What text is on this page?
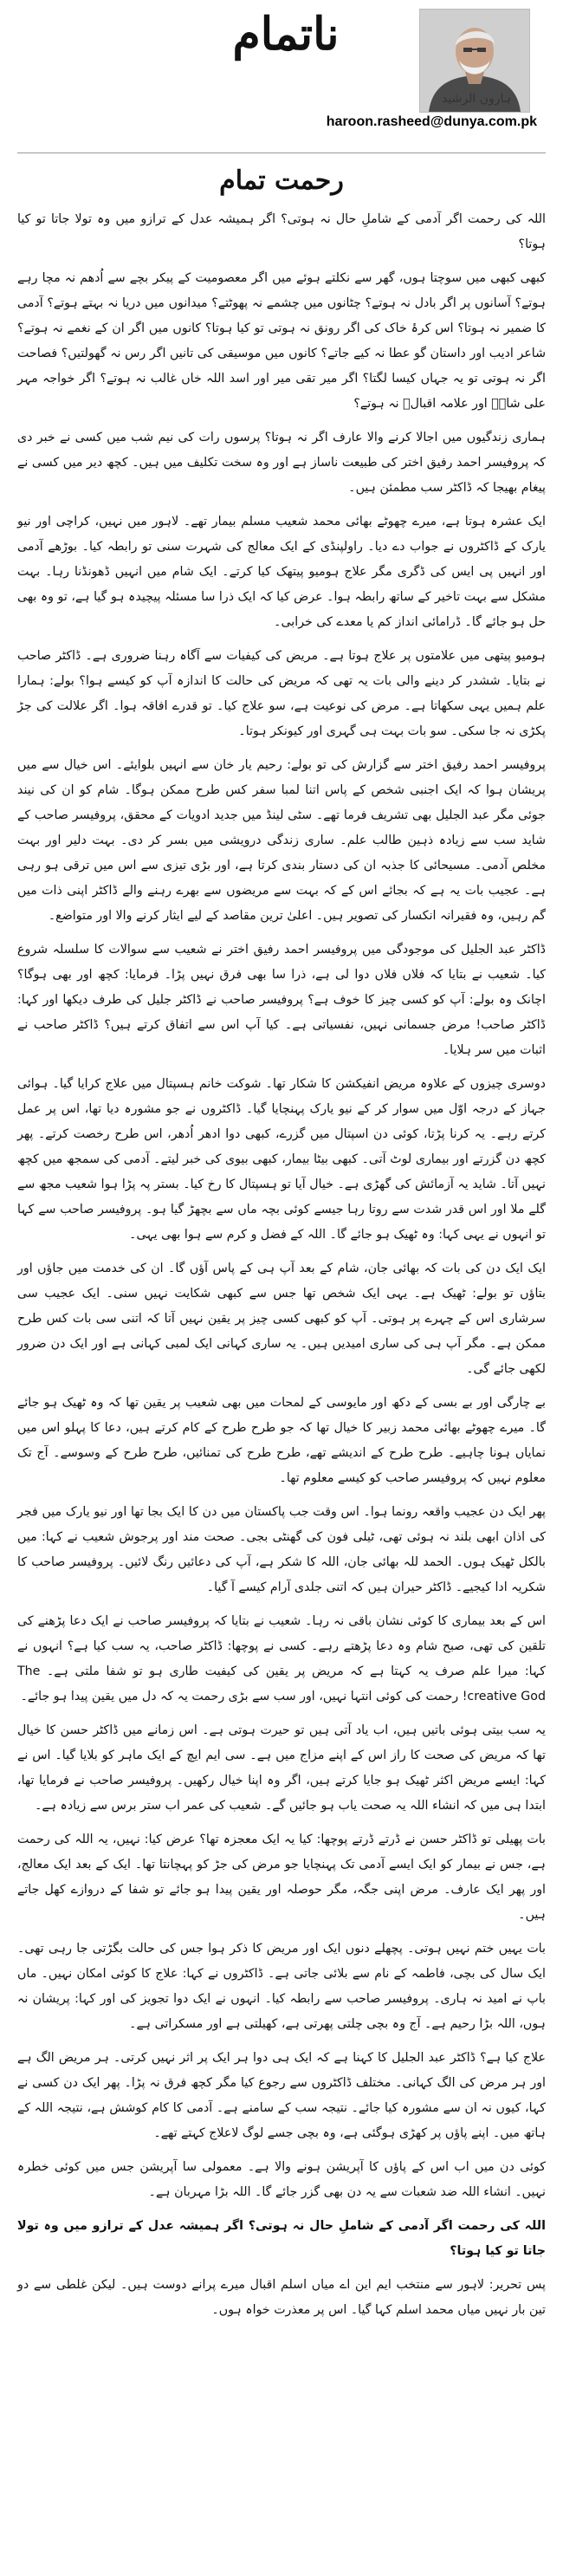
ناتمام
ہارون الرشید
haroon.rasheed@dunya.com.pk
رحمت تمام

اللہ کی رحمت اگر آدمی کے شاملِ حال نہ ہوتی؟ اگر ہمیشہ عدل کے ترازو میں وہ تولا جاتا تو کیا ہوتا؟

کبھی کبھی میں سوچتا ہوں، گھر سے نکلتے ہوئے میں اگر معصومیت کے پیکر بچے سے اُدھم نہ مچا رہے ہوتے؟ آسانوں پر اگر بادل نہ ہوتے؟ چٹانوں میں چشمے نہ پھوٹتے؟ میدانوں میں دریا نہ بہتے ہوتے؟ آدمی کا ضمیر نہ ہوتا؟ اس کرۂ خاک کی اگر رونق نہ ہوتی تو کیا ہوتا؟ کانوں میں اگر ان کے نغمے نہ ہوتے؟ شاعر ادیب اور داستان گو عطا نہ کیے جاتے؟ کانوں میں موسیقی کی تانیں اگر رس نہ گھولتیں؟ فصاحت اگر نہ ہوتی تو یہ جہاں کیسا لگتا؟ اگر میر تقی میر اور اسد اللہ خاں غالب نہ ہوتے؟ اگر خواجہ مہر علی شاہؒ اور علامہ اقبالؒ نہ ہوتے؟

ہماری زندگیوں میں اجالا کرنے والا عارف اگر نہ ہوتا؟ پرسوں رات کی نیم شب میں کسی نے خبر دی کہ پروفیسر احمد رفیق اختر کی طبیعت ناساز ہے اور وہ سخت تکلیف میں ہیں۔ کچھ دیر میں کسی نے پیغام بھیجا کہ ڈاکٹر سب مطمئن ہیں۔

ایک عشرہ ہوتا ہے، میرے چھوٹے بھائی محمد شعیب مسلم بیمار تھے۔ لاہور میں نہیں، کراچی اور نیو یارک کے ڈاکٹروں نے جواب دے دیا۔ راولپنڈی کے ایک معالج کی شہرت سنی تو رابطہ کیا۔ بوڑھے آدمی اور انہیں پی ایس کی ڈگری مگر علاج ہومیو پیتھک کیا کرتے۔ ایک شام میں انہیں ڈھونڈنا رہا۔ بہت مشکل سے بہت تاخیر کے ساتھ رابطہ ہوا۔ عرض کیا کہ ایک ذرا سا مسئلہ پیچیدہ ہو گیا ہے، تو وہ بھی حل ہو جائے گا۔ ڈرامائی انداز کم یا معدے کی خرابی۔

ہومیو پیتھی میں علامتوں پر علاج ہوتا ہے۔ مریض کی کیفیات سے آگاہ رہنا ضروری ہے۔ ڈاکٹر صاحب نے بتایا۔ ششدر کر دینے والی بات یہ تھی کہ مریض کی حالت کا اندازہ آپ کو کیسے ہوا؟ بولے: ہمارا علم ہمیں یہی سکھاتا ہے۔ مرض کی نوعیت ہے، سو علاج کیا۔ تو قدرے افاقہ ہوا۔ اگر علالت کی جڑ پکڑی نہ جا سکی۔ سو بات بہت ہی گہری اور کیونکر ہوتا۔

پروفیسر احمد رفیق اختر سے گزارش کی تو بولے: رحیم یار خان سے انہیں بلوایئے۔ اس خیال سے میں پریشان ہوا کہ ایک اجنبی شخص کے پاس اتنا لمبا سفر کس طرح ممکن ہوگا۔ شام کو ان کی نیند جوئی مگر عبد الجلیل بھی تشریف فرما تھے۔ سٹی لینڈ میں جدید ادویات کے محقق، پروفیسر صاحب کے شاید سب سے زیادہ ذہین طالب علم۔ ساری زندگی درویشی میں بسر کر دی۔ بہت دلیر اور بہت مخلص آدمی۔ مسیحائی کا جذبہ ان کی دستار بندی کرتا ہے، اور بڑی تیزی سے اس میں ترقی ہو رہی ہے۔ عجیب بات یہ ہے کہ بجائے اس کے کہ بہت سے مریضوں سے بھرے رہنے والے ڈاکٹر اپنی ذات میں گم رہیں، وہ فقیرانہ انکسار کی تصویر ہیں۔ اعلیٰ ترین مقاصد کے لیے ایثار کرنے والا اور متواضع۔

ڈاکٹر عبد الجلیل کی موجودگی میں پروفیسر احمد رفیق اختر نے شعیب سے سوالات کا سلسلہ شروع کیا۔ شعیب نے بتایا کہ فلاں فلاں دوا لی ہے، ذرا سا بھی فرق نہیں پڑا۔ فرمایا: کچھ اور بھی ہوگا؟ اچانک وہ بولے: آپ کو کسی چیز کا خوف ہے؟ پروفیسر صاحب نے ڈاکٹر جلیل کی طرف دیکھا اور کہا: ڈاکٹر صاحب! مرض جسمانی نہیں، نفسیاتی ہے۔ کیا آپ اس سے اتفاق کرتے ہیں؟ ڈاکٹر صاحب نے اثبات میں سر ہلایا۔

دوسری چیزوں کے علاوہ مریض انفیکشن کا شکار تھا۔ شوکت خانم ہسپتال میں علاج کرایا گیا۔ ہوائی جہاز کے درجہ اوّل میں سوار کر کے نیو یارک پہنچایا گیا۔ ڈاکٹروں نے جو مشورہ دیا تھا، اس پر عمل کرتے رہے۔ یہ کرنا پڑتا، کوئی دن اسپتال میں گزرے، کبھی دوا ادھر اُدھر، اس طرح رخصت کرتے۔ پھر کچھ دن گزرتے اور بیماری لوٹ آتی۔ کبھی بیٹا بیمار، کبھی بیوی کی خبر لیتے۔ آدمی کی سمجھ میں کچھ نہیں آتا۔ شاید یہ آزمائش کی گھڑی ہے۔ خیال آیا تو ہسپتال کا رخ کیا۔ بستر پہ پڑا ہوا شعیب مجھ سے گلے ملا اور اس قدر شدت سے روتا رہا جیسے کوئی بچہ ماں سے بچھڑ گیا ہو۔ پروفیسر صاحب سے کہا تو انہوں نے یہی کہا: وہ ٹھیک ہو جائے گا۔ اللہ کے فضل و کرم سے ہوا بھی یہی۔

ایک ایک دن کی بات کہ بھائی جان، شام کے بعد آپ ہی کے پاس آؤں گا۔ ان کی خدمت میں جاؤں اور بتاؤں تو بولے: ٹھیک ہے۔ یہی ایک شخص تھا جس سے کبھی شکایت نہیں سنی۔ ایک عجیب سی سرشاری اس کے چہرے پر ہوتی۔ آپ کو کبھی کسی چیز پر یقین نہیں آتا کہ اتنی سی بات کس طرح ممکن ہے۔ مگر آپ ہی کی ساری امیدیں ہیں۔ یہ ساری کہانی ایک لمبی کہانی ہے اور ایک دن ضرور لکھی جائے گی۔

بے چارگی اور بے بسی کے دکھ اور مایوسی کے لمحات میں بھی شعیب پر یقین تھا کہ وہ ٹھیک ہو جائے گا۔ میرے چھوٹے بھائی محمد زبیر کا خیال تھا کہ جو طرح طرح کے کام کرتے ہیں، دعا کا پہلو اس میں نمایاں ہونا چاہیے۔ طرح طرح کے اندیشے تھے، طرح طرح کی تمنائیں، طرح طرح کے وسوسے۔ آج تک معلوم نہیں کہ پروفیسر صاحب کو کیسے معلوم تھا۔

پھر ایک دن عجیب واقعہ رونما ہوا۔ اس وقت جب پاکستان میں دن کا ایک بجا تھا اور نیو یارک میں فجر کی اذان ابھی بلند نہ ہوئی تھی، ٹیلی فون کی گھنٹی بجی۔ صحت مند اور پرجوش شعیب نے کہا: میں بالکل ٹھیک ہوں۔ الحمد للہ بھائی جان، اللہ کا شکر ہے، آپ کی دعائیں رنگ لائیں۔ پروفیسر صاحب کا شکریہ ادا کیجیے۔ ڈاکٹر حیران ہیں کہ اتنی جلدی آرام کیسے آ گیا۔

اس کے بعد بیماری کا کوئی نشان باقی نہ رہا۔ شعیب نے بتایا کہ پروفیسر صاحب نے ایک دعا پڑھنے کی تلقین کی تھی، صبح شام وہ دعا پڑھتے رہے۔ کسی نے پوچھا: ڈاکٹر صاحب، یہ سب کیا ہے؟ انہوں نے کہا: میرا علم صرف یہ کہتا ہے کہ مریض پر یقین کی کیفیت طاری ہو تو شفا ملتی ہے۔ The creative God! رحمت کی کوئی انتہا نہیں، اور سب سے بڑی رحمت یہ کہ دل میں یقین پیدا ہو جائے۔

یہ سب بیتی ہوئی باتیں ہیں، اب یاد آتی ہیں تو حیرت ہوتی ہے۔ اس زمانے میں ڈاکٹر حسن کا خیال تھا کہ مریض کی صحت کا راز اس کے اپنے مزاج میں ہے۔ سی ایم ایچ کے ایک ماہر کو بلایا گیا۔ اس نے کہا: ایسے مریض اکثر ٹھیک ہو جایا کرتے ہیں، اگر وہ اپنا خیال رکھیں۔ پروفیسر صاحب نے فرمایا تھا، ابتدا ہی میں کہ انشاء اللہ یہ صحت یاب ہو جائیں گے۔ شعیب کی عمر اب ستر برس سے زیادہ ہے۔

بات پھیلی تو ڈاکٹر حسن نے ڈرتے ڈرتے پوچھا: کیا یہ ایک معجزہ تھا؟ عرض کیا: نہیں، یہ اللہ کی رحمت ہے، جس نے بیمار کو ایک ایسے آدمی تک پہنچایا جو مرض کی جڑ کو پہچانتا تھا۔ ایک کے بعد ایک معالج، اور پھر ایک عارف۔ مرض اپنی جگہ، مگر حوصلہ اور یقین پیدا ہو جائے تو شفا کے دروازے کھل جاتے ہیں۔

بات یہیں ختم نہیں ہوتی۔ پچھلے دنوں ایک اور مریض کا ذکر ہوا جس کی حالت بگڑتی جا رہی تھی۔ ایک سال کی بچی، فاطمہ کے نام سے بلائی جاتی ہے۔ ڈاکٹروں نے کہا: علاج کا کوئی امکان نہیں۔ ماں باپ نے امید نہ ہاری۔ پروفیسر صاحب سے رابطہ کیا۔ انہوں نے ایک دوا تجویز کی اور کہا: پریشان نہ ہوں، اللہ بڑا رحیم ہے۔ آج وہ بچی چلتی پھرتی ہے، کھیلتی ہے اور مسکراتی ہے۔

علاج کیا ہے؟ ڈاکٹر عبد الجلیل کا کہنا ہے کہ ایک ہی دوا ہر ایک پر اثر نہیں کرتی۔ ہر مریض الگ ہے اور ہر مرض کی الگ کہانی۔ مختلف ڈاکٹروں سے رجوع کیا مگر کچھ فرق نہ پڑا۔ پھر ایک دن کسی نے کہا، کیوں نہ ان سے مشورہ کیا جائے۔ نتیجہ سب کے سامنے ہے۔ آدمی کا کام کوشش ہے، نتیجہ اللہ کے ہاتھ میں۔ اپنے پاؤں پر کھڑی ہوگئی ہے، وہ بچی جسے لوگ لاعلاج کہتے تھے۔

کوئی دن میں اب اس کے پاؤں کا آپریشن ہونے والا ہے۔ معمولی سا آپریشن جس میں کوئی خطرہ نہیں۔ انشاء اللہ ضد شعبات سے یہ دن بھی گزر جائے گا۔ اللہ بڑا مہربان ہے۔

اللہ کی رحمت اگر آدمی کے شاملِ حال نہ ہوتی؟ اگر ہمیشہ عدل کے ترازو میں وہ تولا جاتا تو کیا ہوتا؟

پس تحریر: لاہور سے منتخب ایم این اے میاں اسلم اقبال میرے پرانے دوست ہیں۔ لیکن غلطی سے دو تین بار نہیں میاں محمد اسلم کہا گیا۔ اس پر معذرت خواہ ہوں۔
